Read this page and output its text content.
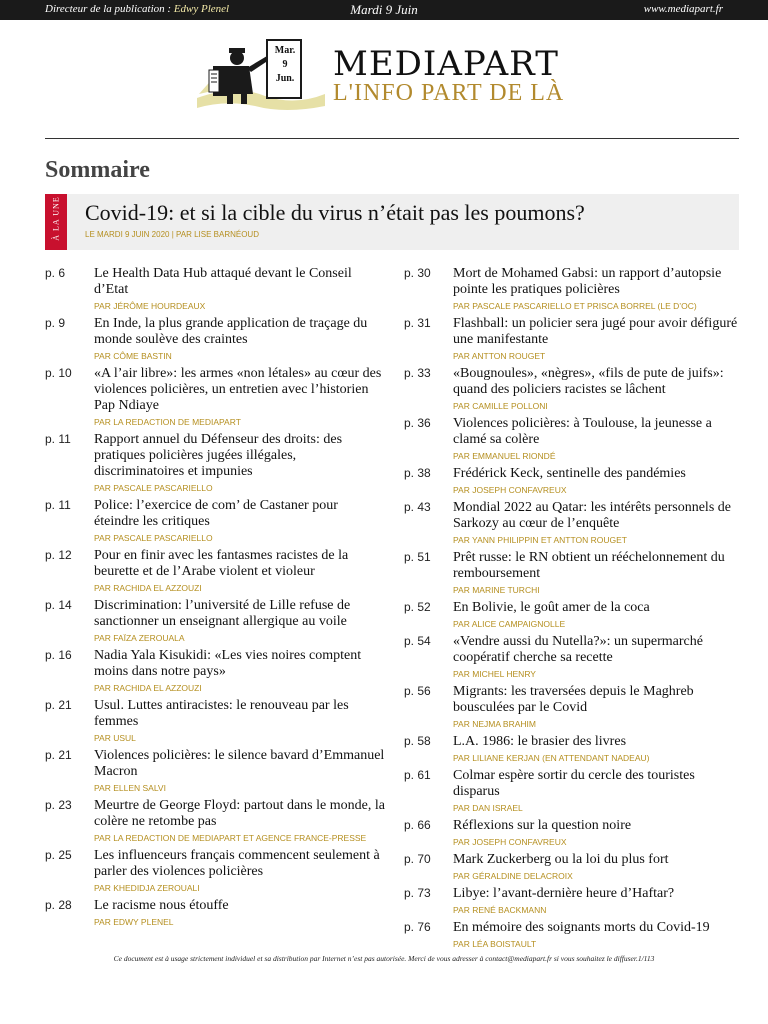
Directeur de la publication : Edwy Plenel	Mardi 9 Juin	www.mediapart.fr
Mar.
9
Jun. MEDIAPART
L'INFO PART DE LÀ
Sommaire
À LA UNE Covid-19: et si la cible du virus n’était pas les poumons?
LE MARDI 9 JUIN 2020 | PAR LISE BARNÉOUD
p. 6 Le Health Data Hub attaqué devant le Conseil d’Etat
PAR JÉRÔME HOURDEAUX
p. 9 En Inde, la plus grande application de traçage du monde soulève des craintes
PAR CÔME BASTIN
p. 10 «A l’air libre»: les armes «non létales» au cœur des violences policières, un entretien avec l’historien Pap Ndiaye
PAR LA REDACTION DE MEDIAPART
p. 11 Rapport annuel du Défenseur des droits: des pratiques policières jugées illégales, discriminatoires et impunies
PAR PASCALE PASCARIELLO
p. 11 Police: l’exercice de com’ de Castaner pour éteindre les critiques
PAR PASCALE PASCARIELLO
p. 12 Pour en finir avec les fantasmes racistes de la beurette et de l’Arabe violent et violeur
PAR RACHIDA EL AZZOUZI
p. 14 Discrimination: l’université de Lille refuse de sanctionner un enseignant allergique au voile
PAR FAÏZA ZEROUALA
p. 16 Nadia Yala Kisukidi: «Les vies noires comptent moins dans notre pays»
PAR RACHIDA EL AZZOUZI
p. 21 Usul. Luttes antiracistes: le renouveau par les femmes
PAR USUL
p. 21 Violences policières: le silence bavard d’Emmanuel Macron
PAR ELLEN SALVI
p. 23 Meurtre de George Floyd: partout dans le monde, la colère ne retombe pas
PAR LA REDACTION DE MEDIAPART ET AGENCE FRANCE-PRESSE
p. 25 Les influenceurs français commencent seulement à parler des violences policières
PAR KHEDIDJA ZEROUALI
p. 28 Le racisme nous étouffe
PAR EDWY PLENEL
p. 30 Mort de Mohamed Gabsi: un rapport d’autopsie pointe les pratiques policières
PAR PASCALE PASCARIELLO ET PRISCA BORREL (LE D’OC)
p. 31 Flashball: un policier sera jugé pour avoir défiguré une manifestante
PAR ANTTON ROUGET
p. 33 «Bougnoules», «nègres», «fils de pute de juifs»: quand des policiers racistes se lâchent
PAR CAMILLE POLLONI
p. 36 Violences policières: à Toulouse, la jeunesse a clamé sa colère
PAR EMMANUEL RIONDÉ
p. 38 Frédérick Keck, sentinelle des pandémies
PAR JOSEPH CONFAVREUX
p. 43 Mondial 2022 au Qatar: les intérêts personnels de Sarkozy au cœur de l’enquête
PAR YANN PHILIPPIN ET ANTTON ROUGET
p. 51 Prêt russe: le RN obtient un rééchelonnement du remboursement
PAR MARINE TURCHI
p. 52 En Bolivie, le goût amer de la coca
PAR ALICE CAMPAIGNOLLE
p. 54 «Vendre aussi du Nutella?»: un supermarché coopératif cherche sa recette
PAR MICHEL HENRY
p. 56 Migrants: les traversées depuis le Maghreb bousculées par le Covid
PAR NEJMA BRAHIM
p. 58 L.A. 1986: le brasier des livres
PAR LILIANE KERJAN (EN ATTENDANT NADEAU)
p. 61 Colmar espère sortir du cercle des touristes disparus
PAR DAN ISRAEL
p. 66 Réflexions sur la question noire
PAR JOSEPH CONFAVREUX
p. 70 Mark Zuckerberg ou la loi du plus fort
PAR GÉRALDINE DELACROIX
p. 73 Libye: l’avant-dernière heure d’Haftar?
PAR RENÉ BACKMANN
p. 76 En mémoire des soignants morts du Covid-19
PAR LÉA BOISTAULT
Ce document est à usage strictement individuel et sa distribution par Internet n’est pas autorisée. Merci de vous adresser à contact@mediapart.fr si vous souhaitez le diffuser.1/113
